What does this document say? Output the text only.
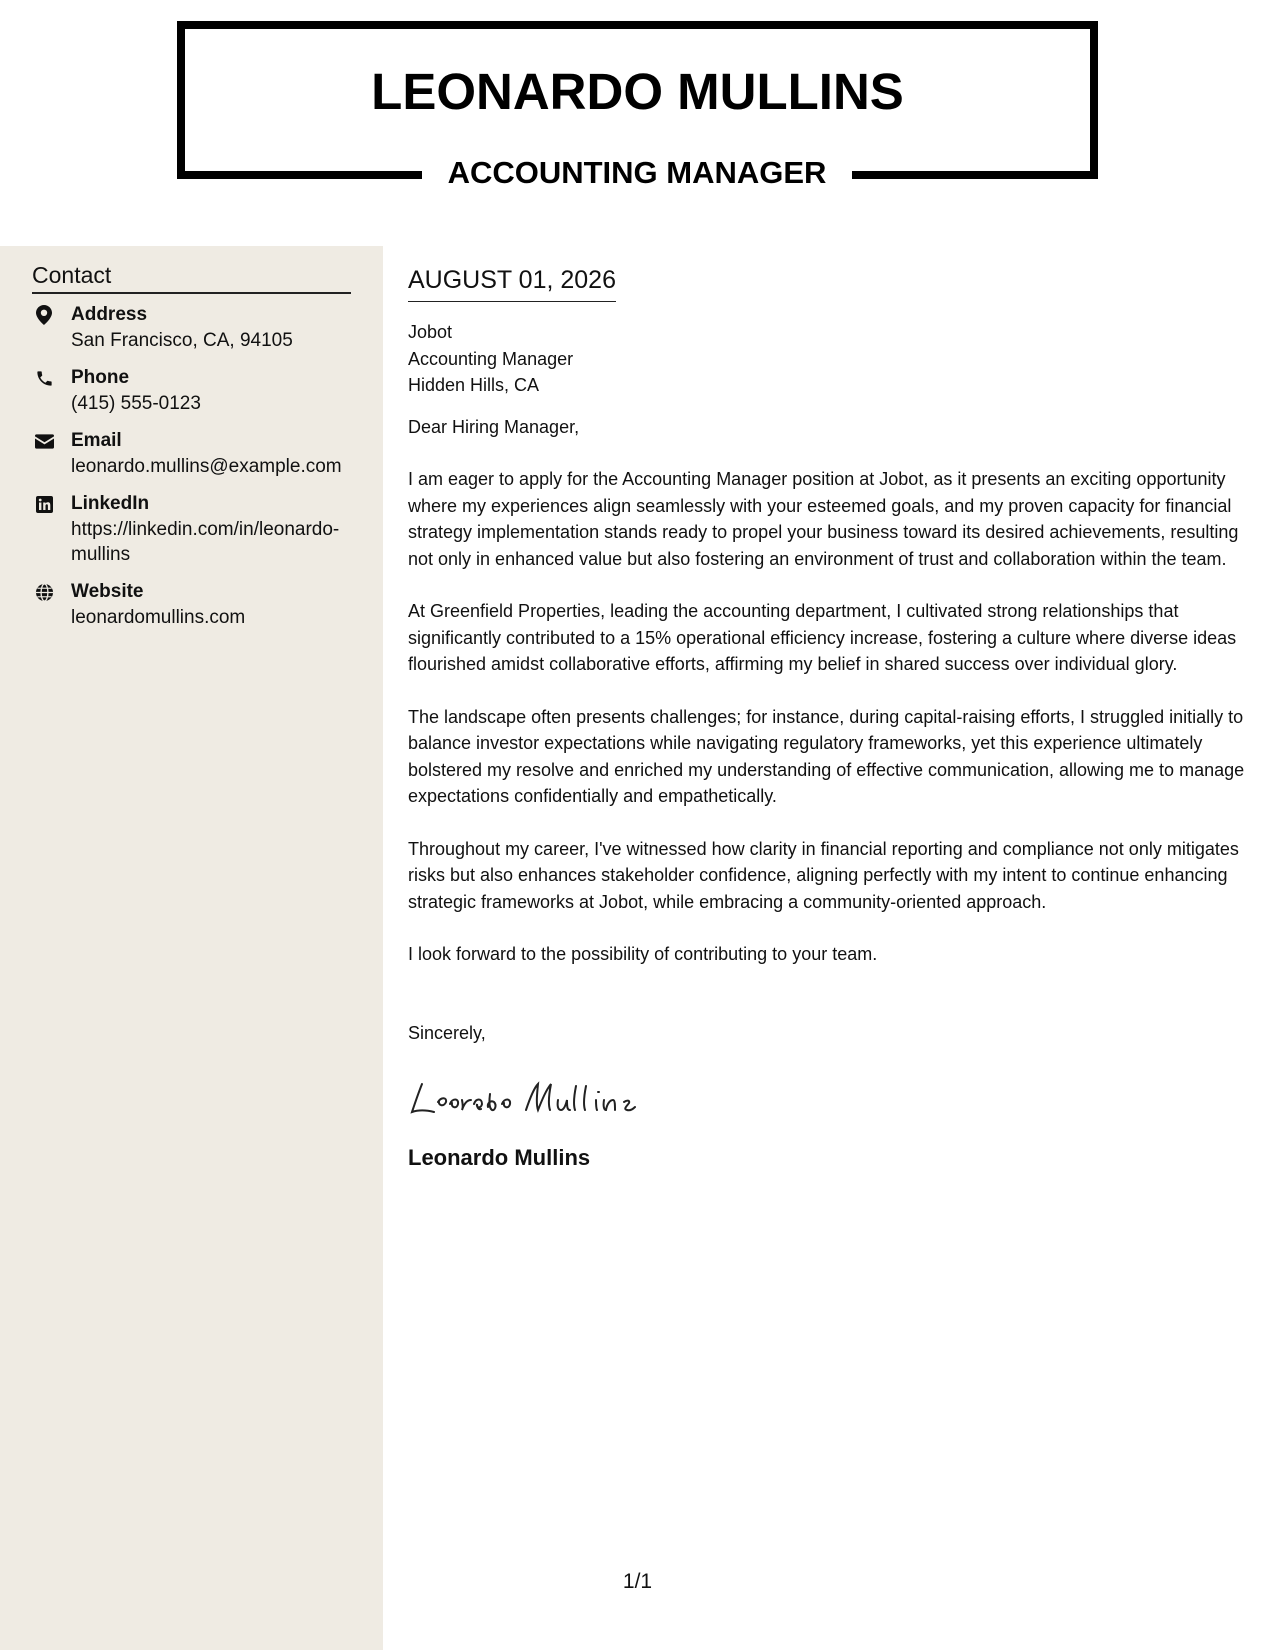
LEONARDO MULLINS
ACCOUNTING MANAGER
Contact
Address
San Francisco, CA, 94105
Phone
(415) 555-0123
Email
leonardo.mullins@example.com
LinkedIn
https://linkedin.com/in/leonardo-mullins
Website
leonardomullins.com
AUGUST 01, 2026
Jobot
Accounting Manager
Hidden Hills, CA
Dear Hiring Manager,
I am eager to apply for the Accounting Manager position at Jobot, as it presents an exciting opportunity where my experiences align seamlessly with your esteemed goals, and my proven capacity for financial strategy implementation stands ready to propel your business toward its desired achievements, resulting not only in enhanced value but also fostering an environment of trust and collaboration within the team.
At Greenfield Properties, leading the accounting department, I cultivated strong relationships that significantly contributed to a 15% operational efficiency increase, fostering a culture where diverse ideas flourished amidst collaborative efforts, affirming my belief in shared success over individual glory.
The landscape often presents challenges; for instance, during capital-raising efforts, I struggled initially to balance investor expectations while navigating regulatory frameworks, yet this experience ultimately bolstered my resolve and enriched my understanding of effective communication, allowing me to manage expectations confidentially and empathetically.
Throughout my career, I've witnessed how clarity in financial reporting and compliance not only mitigates risks but also enhances stakeholder confidence, aligning perfectly with my intent to continue enhancing strategic frameworks at Jobot, while embracing a community-oriented approach.
I look forward to the possibility of contributing to your team.
Sincerely,
Leonardo Mullins
1/1
